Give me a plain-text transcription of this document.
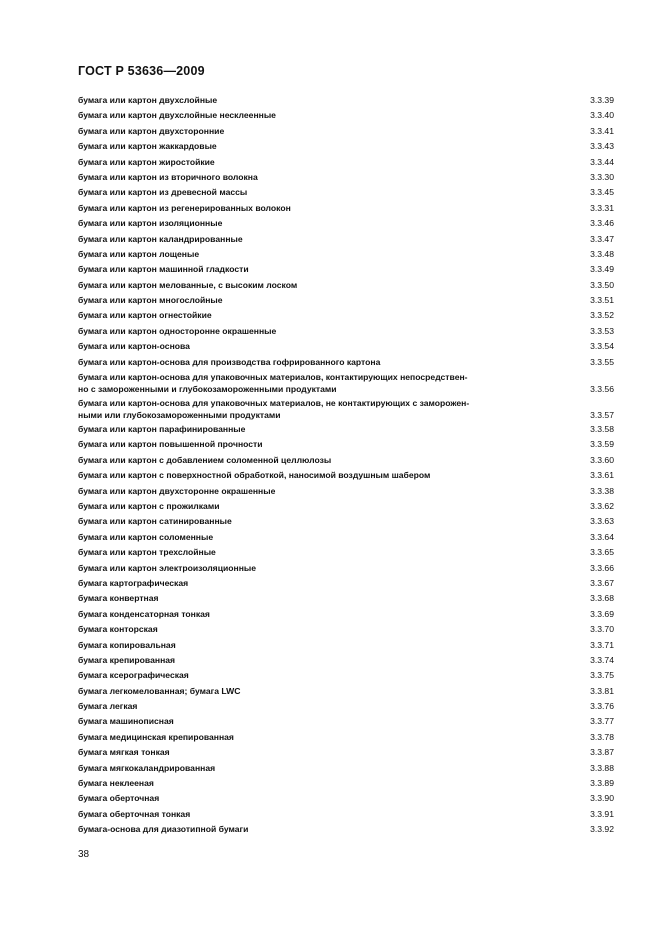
ГОСТ Р 53636—2009
бумага или картон двухслойные	3.3.39
бумага или картон двухслойные несклеенные	3.3.40
бумага или картон двухсторонние	3.3.41
бумага или картон жаккардовые	3.3.43
бумага или картон жиростойкие	3.3.44
бумага или картон из вторичного волокна	3.3.30
бумага или картон из древесной массы	3.3.45
бумага или картон из регенерированных волокон	3.3.31
бумага или картон изоляционные	3.3.46
бумага или картон каландрированные	3.3.47
бумага или картон лощеные	3.3.48
бумага или картон машинной гладкости	3.3.49
бумага или картон мелованные, с высоким лоском	3.3.50
бумага или картон многослойные	3.3.51
бумага или картон огнестойкие	3.3.52
бумага или картон односторонне окрашенные	3.3.53
бумага или картон-основа	3.3.54
бумага или картон-основа для производства гофрированного картона	3.3.55
бумага или картон-основа для упаковочных материалов, контактирующих непосредствен-
но с замороженными и глубокозамороженными продуктами	3.3.56
бумага или картон-основа для упаковочных материалов, не контактирующих с заморожен-
ными или глубокозамороженными продуктами	3.3.57
бумага или картон парафинированные	3.3.58
бумага или картон повышенной прочности	3.3.59
бумага или картон с добавлением соломенной целлюлозы	3.3.60
бумага или картон с поверхностной обработкой, наносимой воздушным шабером	3.3.61
бумага или картон двухсторонне окрашенные	3.3.38
бумага или картон с прожилками	3.3.62
бумага или картон сатинированные	3.3.63
бумага или картон соломенные	3.3.64
бумага или картон трехслойные	3.3.65
бумага или картон электроизоляционные	3.3.66
бумага картографическая	3.3.67
бумага конвертная	3.3.68
бумага конденсаторная тонкая	3.3.69
бумага конторская	3.3.70
бумага копировальная	3.3.71
бумага крепированная	3.3.74
бумага ксерографическая	3.3.75
бумага легкомелованная; бумага LWC	3.3.81
бумага легкая	3.3.76
бумага машинописная	3.3.77
бумага медицинская крепированная	3.3.78
бумага мягкая тонкая	3.3.87
бумага мягкокаландрированная	3.3.88
бумага неклееная	3.3.89
бумага оберточная	3.3.90
бумага оберточная тонкая	3.3.91
бумага-основа для диазотипной бумаги	3.3.92
38
